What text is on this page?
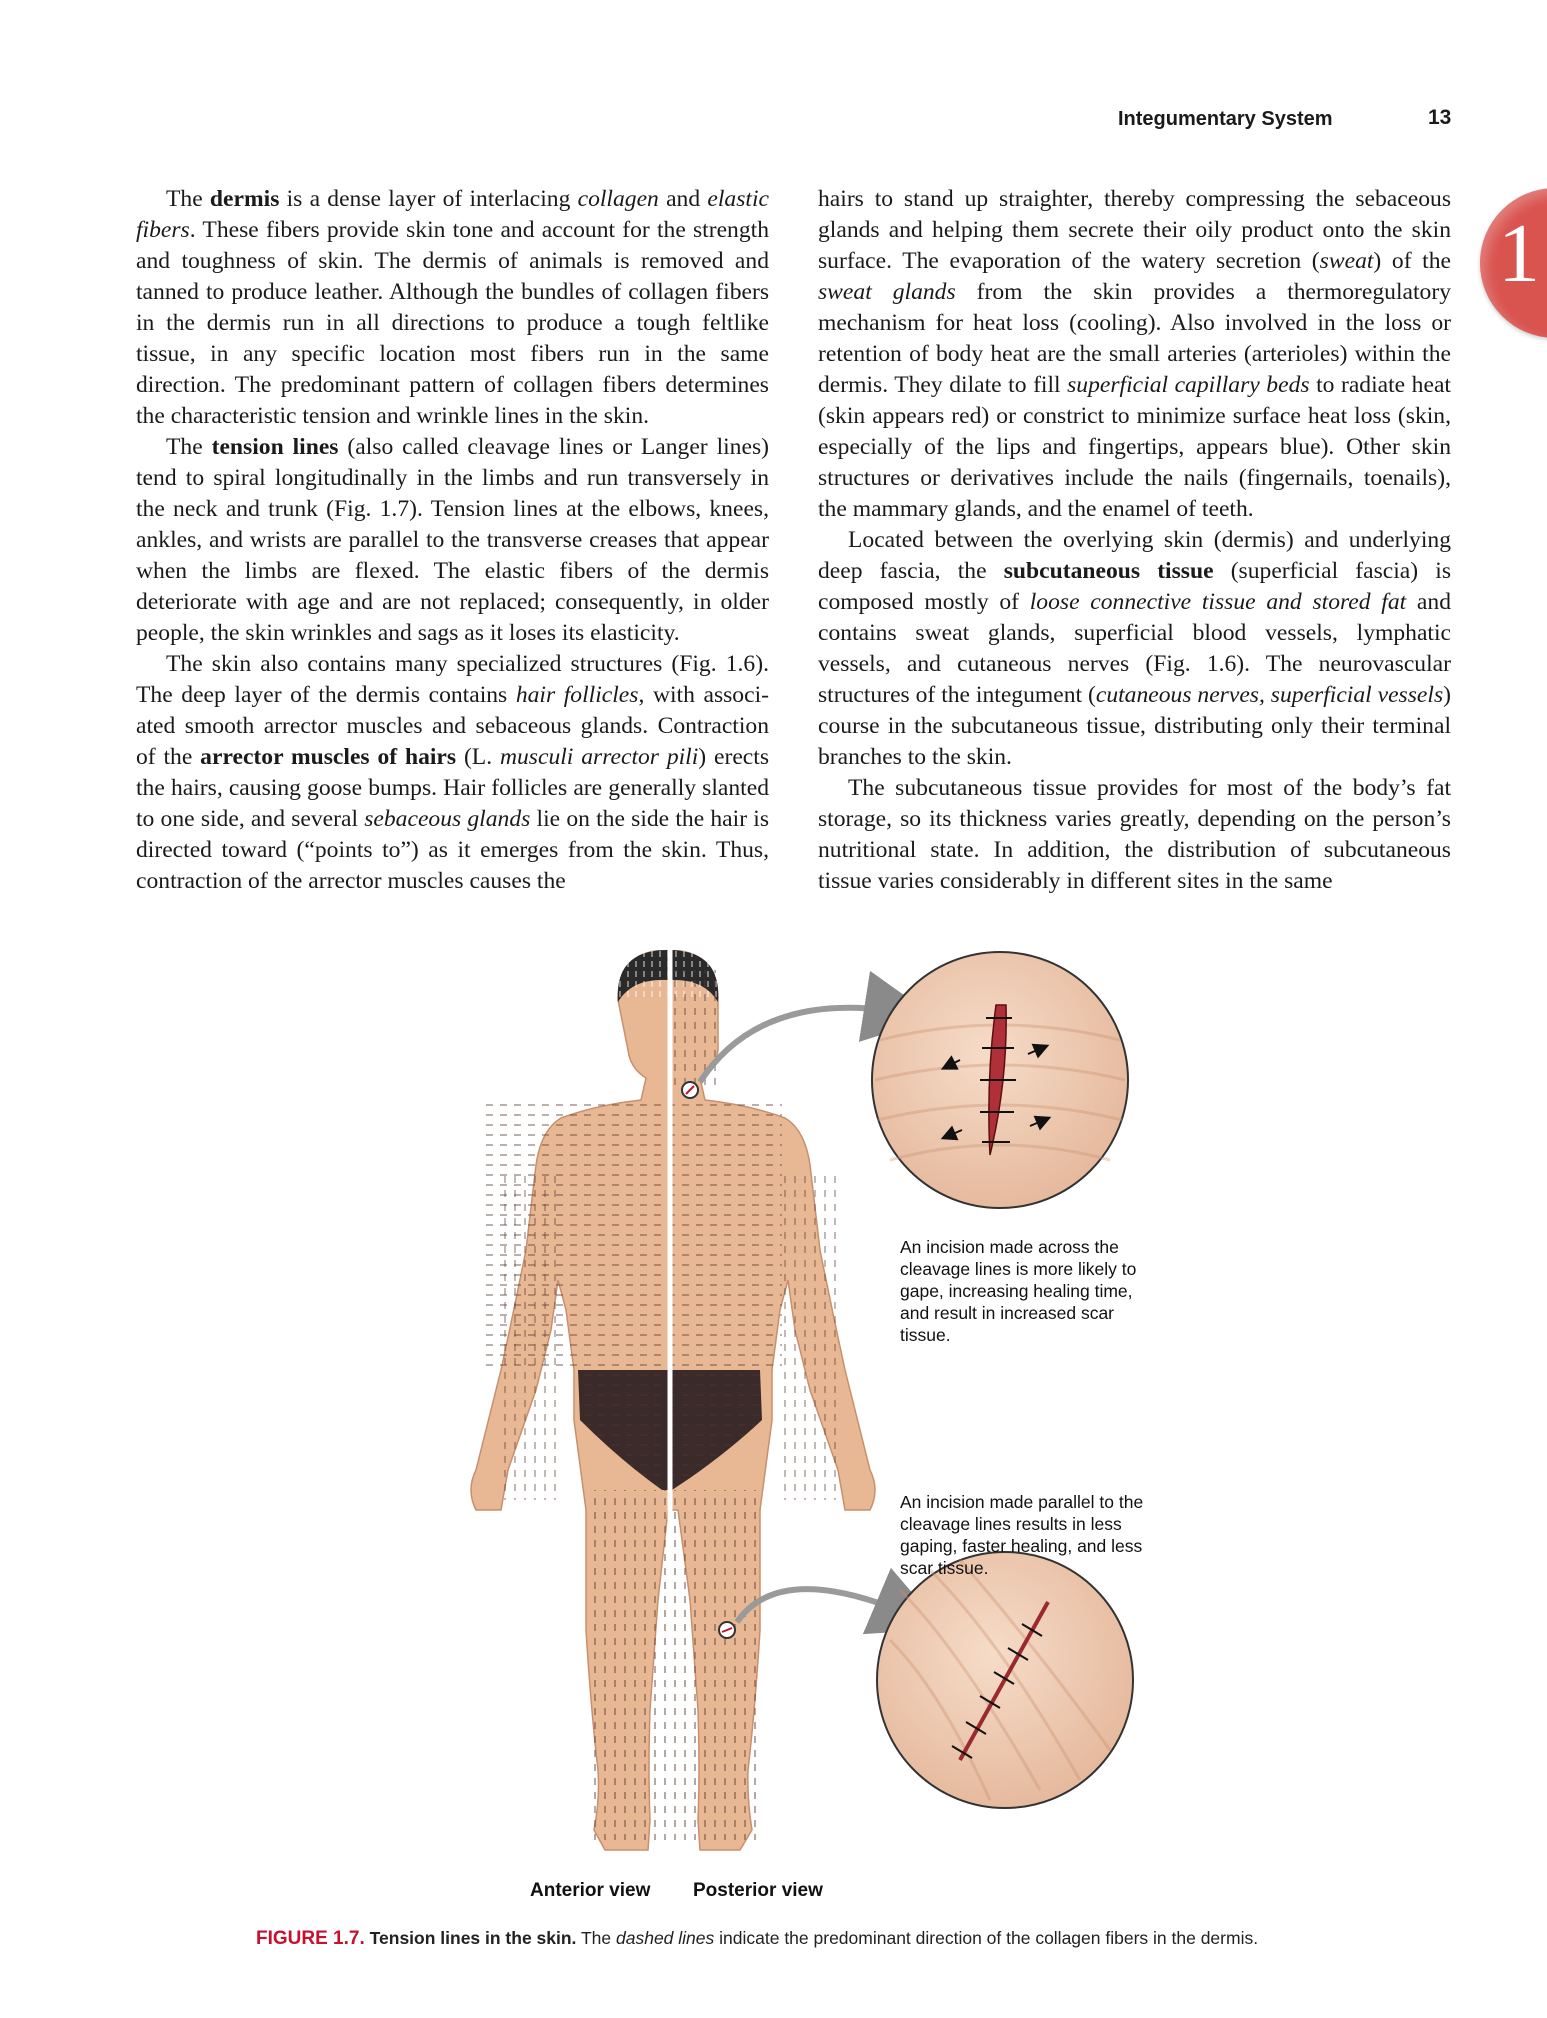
Integumentary System	13
1

The dermis is a dense layer of interlacing collagen and elastic fibers. These fibers provide skin tone and account for the strength and toughness of skin. The dermis of animals is removed and tanned to produce leather. Although the bundles of collagen fibers in the dermis run in all directions to produce a tough feltlike tissue, in any specific location most fibers run in the same direction. The predominant pattern of collagen fibers determines the characteristic tension and wrinkle lines in the skin.

The tension lines (also called cleavage lines or Langer lines) tend to spiral longitudinally in the limbs and run transversely in the neck and trunk (Fig. 1.7). Tension lines at the elbows, knees, ankles, and wrists are parallel to the transverse creases that appear when the limbs are flexed. The elastic fibers of the dermis deteriorate with age and are not replaced; consequently, in older people, the skin wrinkles and sags as it loses its elasticity.

The skin also contains many specialized structures (Fig. 1.6). The deep layer of the dermis contains hair follicles, with associated smooth arrector muscles and sebaceous glands. Contraction of the arrector muscles of hairs (L. musculi arrector pili) erects the hairs, causing goose bumps. Hair follicles are generally slanted to one side, and several sebaceous glands lie on the side the hair is directed toward (“points to”) as it emerges from the skin. Thus, contraction of the arrector muscles causes the

hairs to stand up straighter, thereby compressing the sebaceous glands and helping them secrete their oily product onto the skin surface. The evaporation of the watery secretion (sweat) of the sweat glands from the skin provides a thermoregulatory mechanism for heat loss (cooling). Also involved in the loss or retention of body heat are the small arteries (arterioles) within the dermis. They dilate to fill superficial capillary beds to radiate heat (skin appears red) or constrict to minimize surface heat loss (skin, especially of the lips and fingertips, appears blue). Other skin structures or derivatives include the nails (fingernails, toenails), the mammary glands, and the enamel of teeth.

Located between the overlying skin (dermis) and underlying deep fascia, the subcutaneous tissue (superficial fascia) is composed mostly of loose connective tissue and stored fat and contains sweat glands, superficial blood vessels, lymphatic vessels, and cutaneous nerves (Fig. 1.6). The neurovascular structures of the integument (cutaneous nerves, superficial vessels) course in the subcutaneous tissue, distributing only their terminal branches to the skin.

The subcutaneous tissue provides for most of the body’s fat storage, so its thickness varies greatly, depending on the person’s nutritional state. In addition, the distribution of subcutaneous tissue varies considerably in different sites in the same

An incision made across the cleavage lines is more likely to gape, increasing healing time, and result in increased scar tissue.
An incision made parallel to the cleavage lines results in less gaping, faster healing, and less scar tissue.
Anterior view Posterior view
FIGURE 1.7. Tension lines in the skin. The dashed lines indicate the predominant direction of the collagen fibers in the dermis.
